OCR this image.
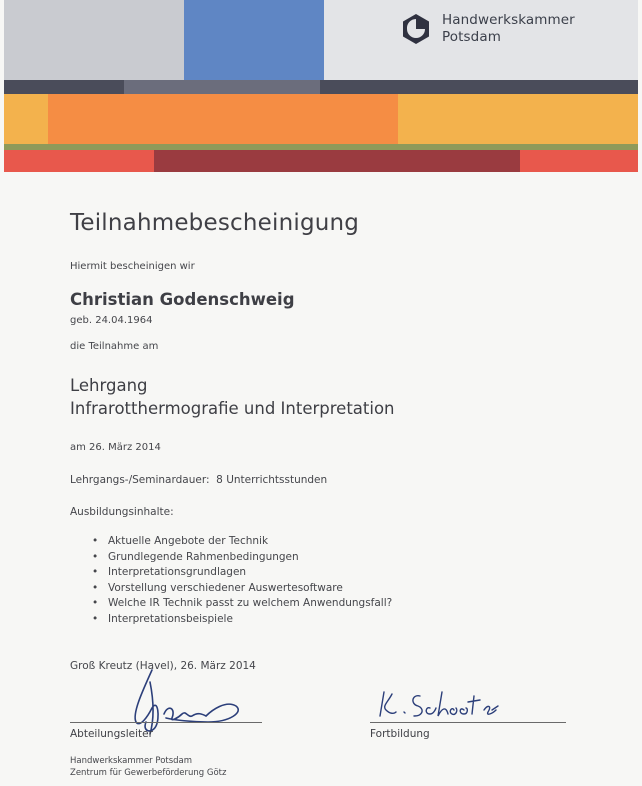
Handwerkskammer
Potsdam
Teilnahmebescheinigung
Hiermit bescheinigen wir
Christian Godenschweig
geb. 24.04.1964
die Teilnahme am
Lehrgang
Infrarotthermografie und Interpretation
am 26. März 2014
Lehrgangs-/Seminardauer:  8 Unterrichtsstunden
Ausbildungsinhalte:
• Aktuelle Angebote der Technik
• Grundlegende Rahmenbedingungen
• Interpretationsgrundlagen
• Vorstellung verschiedener Auswertesoftware
• Welche IR Technik passt zu welchem Anwendungsfall?
• Interpretationsbeispiele
Groß Kreutz (Havel), 26. März 2014
Abteilungsleiter	Fortbildung
Handwerkskammer Potsdam
Zentrum für Gewerbeförderung Götz
